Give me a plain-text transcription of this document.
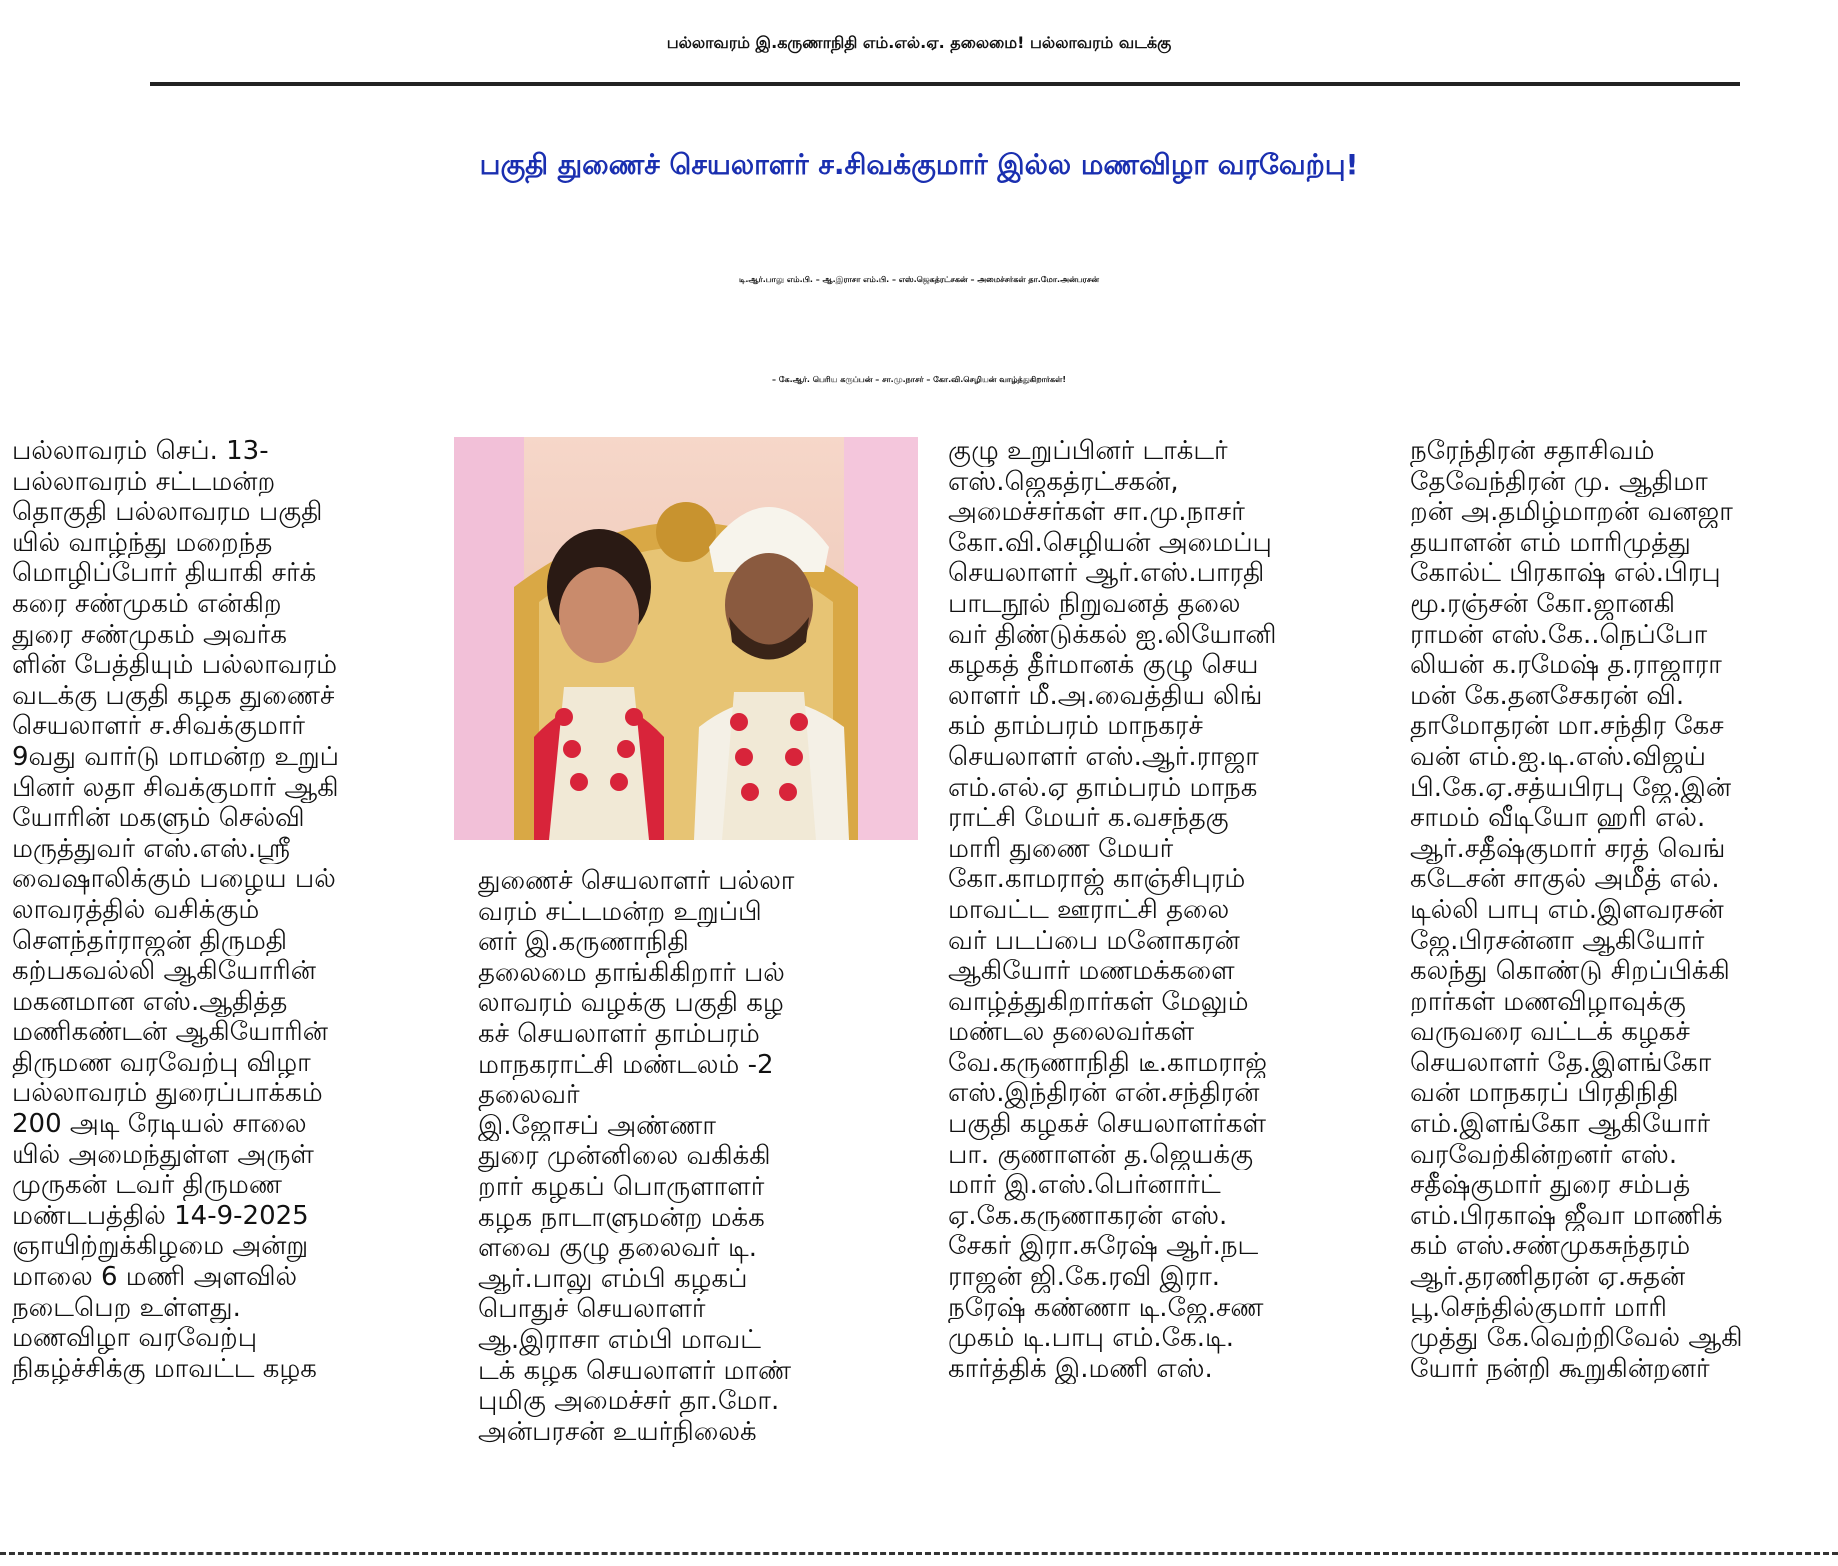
பல்லாவரம் இ.கருணாநிதி எம்.எல்.ஏ. தலைமை! பல்லாவரம் வடக்கு
பகுதி துணைச் செயலாளர் ச.சிவக்குமார் இல்ல மணவிழா வரவேற்பு!
டி.ஆர்.பாலு எம்.பி. – ஆ.இராசா எம்.பி. – எஸ்.ஜெகத்ரட்சகன் – அமைச்சர்கள் தா.மோ.அன்பரசன்
– கே.ஆர். பெரிய கருப்பன் – சா.மு.நாசர் – கோ.வி.செழியன் வாழ்த்துகிறார்கள்!
பல்லாவரம் செப். 13-
பல்லாவரம் சட்டமன்ற
தொகுதி பல்லாவரம பகுதி
யில் வாழ்ந்து மறைந்த
மொழிப்போர் தியாகி சர்க்
கரை சண்முகம் என்கிற
துரை சண்முகம் அவர்க
ளின் பேத்தியும் பல்லாவரம்
வடக்கு பகுதி கழக துணைச்
செயலாளர் ச.சிவக்குமார்
9வது வார்டு மாமன்ற உறுப்
பினர் லதா சிவக்குமார் ஆகி
யோரின் மகளும் செல்வி
மருத்துவர் எஸ்.எஸ்.ஸ்ரீ
வைஷாலிக்கும் பழைய பல்
லாவரத்தில் வசிக்கும்
சௌந்தர்ராஜன் திருமதி
கற்பகவல்லி ஆகியோரின்
மகனமான எஸ்.ஆதித்த
மணிகண்டன் ஆகியோரின்
திருமண வரவேற்பு விழா
பல்லாவரம் துரைப்பாக்கம்
200 அடி ரேடியல் சாலை
யில் அமைந்துள்ள அருள்
முருகன் டவர் திருமண
மண்டபத்தில் 14-9-2025
ஞாயிற்றுக்கிழமை அன்று
மாலை 6 மணி அளவில்
நடைபெற உள்ளது.
மணவிழா வரவேற்பு
நிகழ்ச்சிக்கு மாவட்ட கழக
துணைச் செயலாளர் பல்லா
வரம் சட்டமன்ற உறுப்பி
னர் இ.கருணாநிதி
தலைமை தாங்கிகிறார் பல்
லாவரம் வழக்கு பகுதி கழ
கச் செயலாளர் தாம்பரம்
மாநகராட்சி மண்டலம் -2
தலைவர்
இ.ஜோசப் அண்ணா
துரை முன்னிலை வகிக்கி
றார் கழகப் பொருளாளர்
கழக நாடாளுமன்ற மக்க
ளவை குழு தலைவர் டி.
ஆர்.பாலு எம்பி கழகப்
பொதுச் செயலாளர்
ஆ.இராசா எம்பி மாவட்
டக் கழக செயலாளர் மாண்
புமிகு அமைச்சர் தா.மோ.
அன்பரசன் உயர்நிலைக்
குழு உறுப்பினர் டாக்டர்
எஸ்.ஜெகத்ரட்சகன்,
அமைச்சர்கள் சா.மு.நாசர்
கோ.வி.செழியன் அமைப்பு
செயலாளர் ஆர்.எஸ்.பாரதி
பாடநூல் நிறுவனத் தலை
வர் திண்டுக்கல் ஐ.லியோனி
கழகத் தீர்மானக் குழு செய
லாளர் மீ.அ.வைத்திய லிங்
கம் தாம்பரம் மாநகரச்
செயலாளர் எஸ்.ஆர்.ராஜா
எம்.எல்.ஏ தாம்பரம் மாநக
ராட்சி மேயர் க.வசந்தகு
மாரி துணை மேயர்
கோ.காமராஜ் காஞ்சிபுரம்
மாவட்ட ஊராட்சி தலை
வர் படப்பை மனோகரன்
ஆகியோர் மணமக்களை
வாழ்த்துகிறார்கள் மேலும்
மண்டல தலைவர்கள்
வே.கருணாநிதி டீ.காமராஜ்
எஸ்.இந்திரன் என்.சந்திரன்
பகுதி கழகச் செயலாளர்கள்
பா. குணாளன் த.ஜெயக்கு
மார் இ.எஸ்.பெர்னார்ட்
ஏ.கே.கருணாகரன் எஸ்.
சேகர் இரா.சுரேஷ் ஆர்.நட
ராஜன் ஜி.கே.ரவி இரா.
நரேஷ் கண்ணா டி.ஜே.சண
முகம் டி.பாபு எம்.கே.டி.
கார்த்திக் இ.மணி எஸ்.
நரேந்திரன் சதாசிவம்
தேவேந்திரன் மு. ஆதிமா
றன் அ.தமிழ்மாறன் வனஜா
தயாளன் எம் மாரிமுத்து
கோல்ட் பிரகாஷ் எல்.பிரபு
மூ.ரஞ்சன் கோ.ஜானகி
ராமன் எஸ்.கே..நெப்போ
லியன் க.ரமேஷ் த.ராஜாரா
மன் கே.தனசேகரன் வி.
தாமோதரன் மா.சந்திர கேச
வன் எம்.ஐ.டி.எஸ்.விஜய்
பி.கே.ஏ.சத்யபிரபு ஜே.இன்
சாமம் வீடியோ ஹரி எல்.
ஆர்.சதீஷ்குமார் சரத் வெங்
கடேசன் சாகுல் அமீத் எல்.
டில்லி பாபு எம்.இளவரசன்
ஜே.பிரசன்னா ஆகியோர்
கலந்து கொண்டு சிறப்பிக்கி
றார்கள் மணவிழாவுக்கு
வருவரை வட்டக் கழகச்
செயலாளர் தே.இளங்கோ
வன் மாநகரப் பிரதிநிதி
எம்.இளங்கோ ஆகியோர்
வரவேற்கின்றனர் எஸ்.
சதீஷ்குமார் துரை சம்பத்
எம்.பிரகாஷ் ஜீவா மாணிக்
கம் எஸ்.சண்முகசுந்தரம்
ஆர்.தரணிதரன் ஏ.சுதன்
பூ.செந்தில்குமார் மாரி
முத்து கே.வெற்றிவேல் ஆகி
யோர் நன்றி கூறுகின்றனர்
